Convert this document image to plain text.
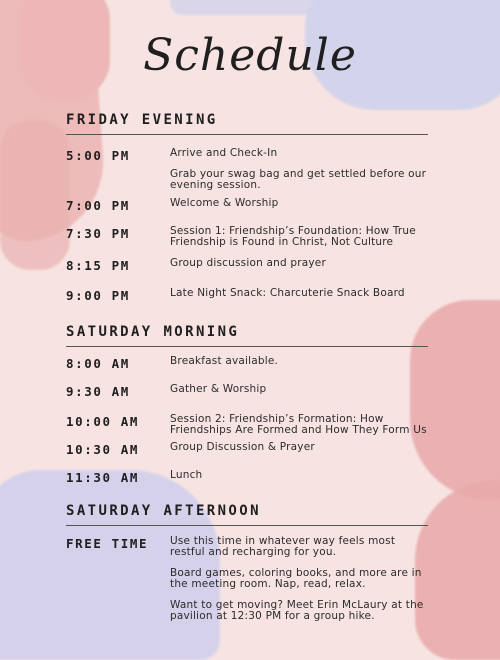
Schedule
FRIDAY EVENING
5:00 PM	Arrive and Check-In

Grab your swag bag and get settled before our evening session.

7:00 PM	Welcome & Worship

7:30 PM	Session 1: Friendship’s Foundation: How True Friendship is Found in Christ, Not Culture

8:15 PM	Group discussion and prayer

9:00 PM	Late Night Snack: Charcuterie Snack Board

SATURDAY MORNING
8:00 AM	Breakfast available.

9:30 AM	Gather & Worship

10:00 AM	Session 2: Friendship’s Formation: How Friendships Are Formed and How They Form Us

10:30 AM	Group Discussion & Prayer

11:30 AM	Lunch

SATURDAY AFTERNOON
FREE TIME Use this time in whatever way feels most restful and recharging for you.

Board games, coloring books, and more are in the meeting room. Nap, read, relax.

Want to get moving? Meet Erin McLaury at the pavilion at 12:30 PM for a group hike.
